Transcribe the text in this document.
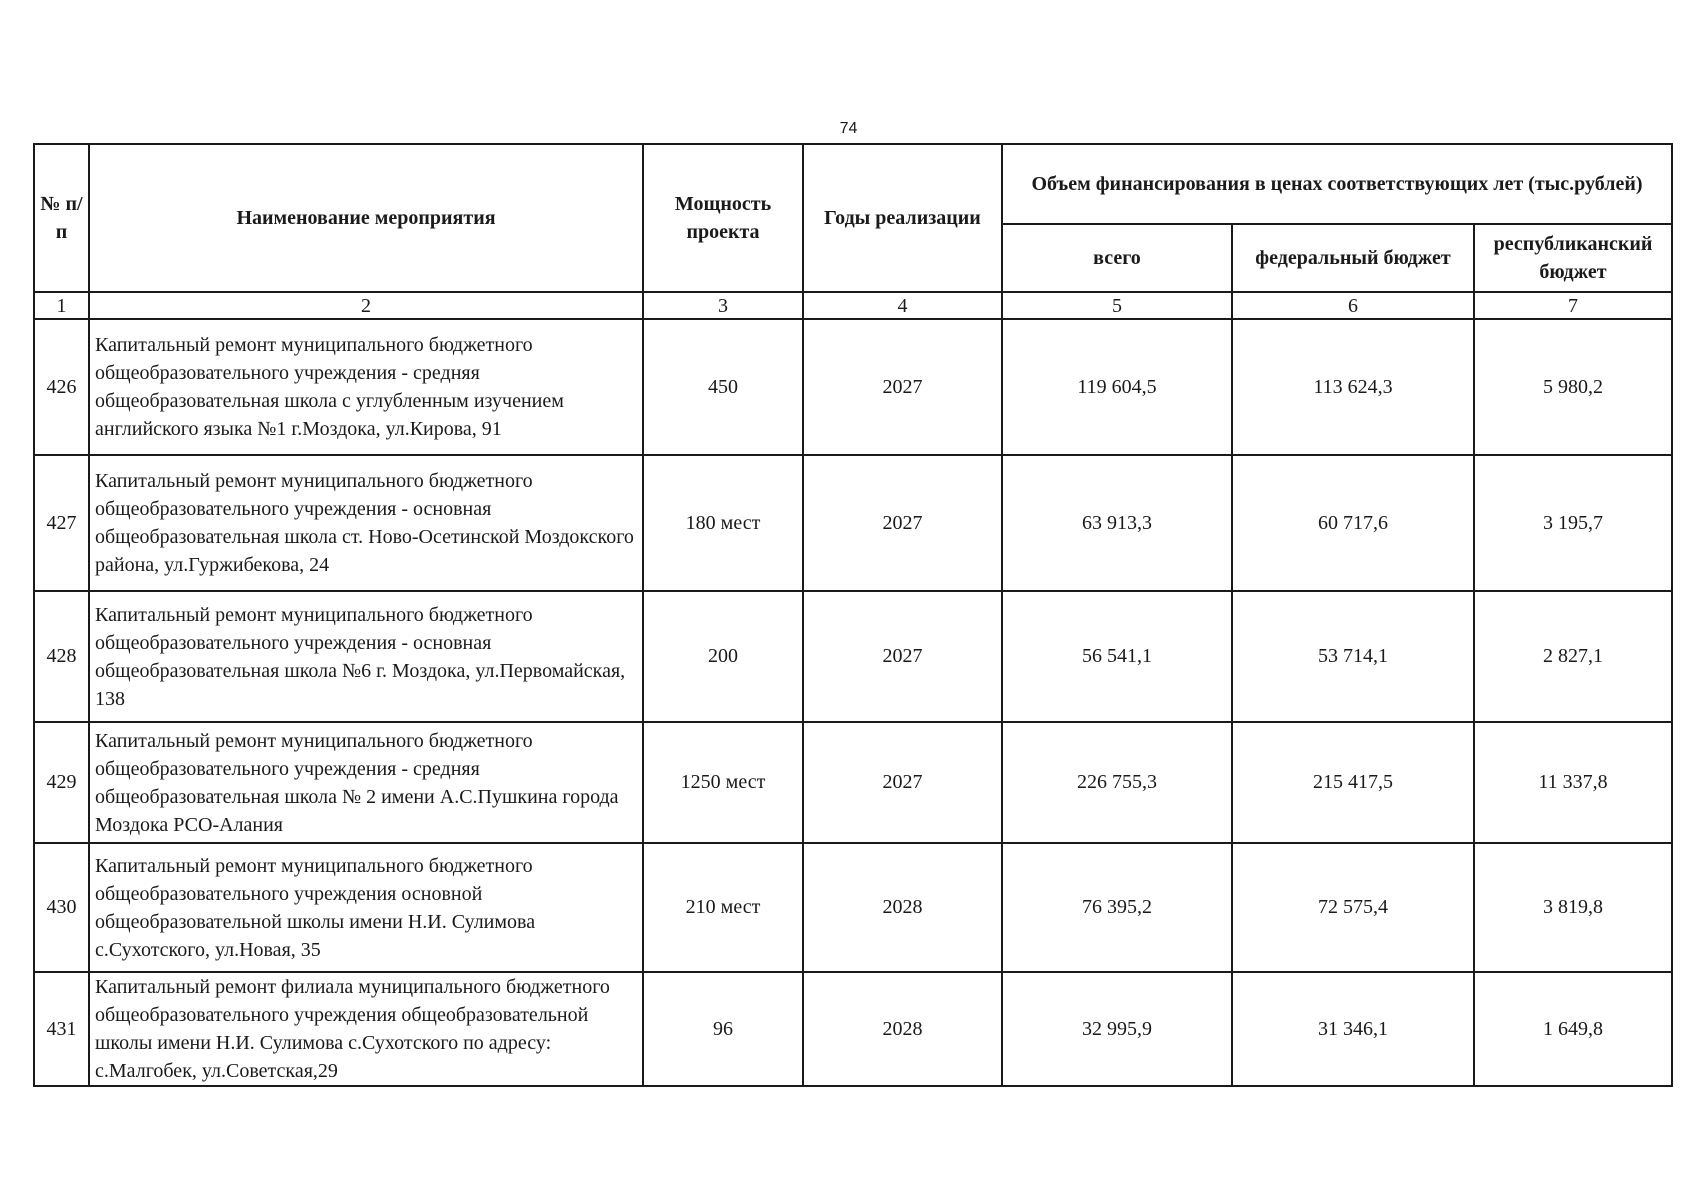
74
№ п/п	Наименование мероприятия	Мощность проекта	Годы реализации	Объем финансирования в ценах соответствующих лет (тыс.рублей)		
				всего	федеральный бюджет	республиканский бюджет
1	2	3	4	5	6	7
426	Капитальный ремонт муниципального бюджетного общеобразовательного учреждения - средняя общеобразовательная школа с углубленным изучением английского языка №1 г.Моздока, ул.Кирова, 91	450	2027	119 604,5	113 624,3	5 980,2
427	Капитальный ремонт муниципального бюджетного общеобразовательного учреждения - основная общеобразовательная школа ст. Ново-Осетинской Моздокского района, ул.Гуржибекова, 24	180 мест	2027	63 913,3	60 717,6	3 195,7
428	Капитальный ремонт муниципального бюджетного общеобразовательного учреждения - основная общеобразовательная школа №6 г. Моздока, ул.Первомайская, 138	200	2027	56 541,1	53 714,1	2 827,1
429	Капитальный ремонт муниципального бюджетного общеобразовательного учреждения - средняя общеобразовательная школа № 2 имени А.С.Пушкина города Моздока РСО-Алания	1250 мест	2027	226 755,3	215 417,5	11 337,8
430	Капитальный ремонт муниципального бюджетного общеобразовательного учреждения основной общеобразовательной школы имени Н.И. Сулимова с.Сухотского, ул.Новая, 35	210 мест	2028	76 395,2	72 575,4	3 819,8
431	Капитальный ремонт филиала муниципального бюджетного общеобразовательного учреждения общеобразовательной школы имени Н.И. Сулимова с.Сухотского по адресу: с.Малгобек, ул.Советская,29	96	2028	32 995,9	31 346,1	1 649,8
